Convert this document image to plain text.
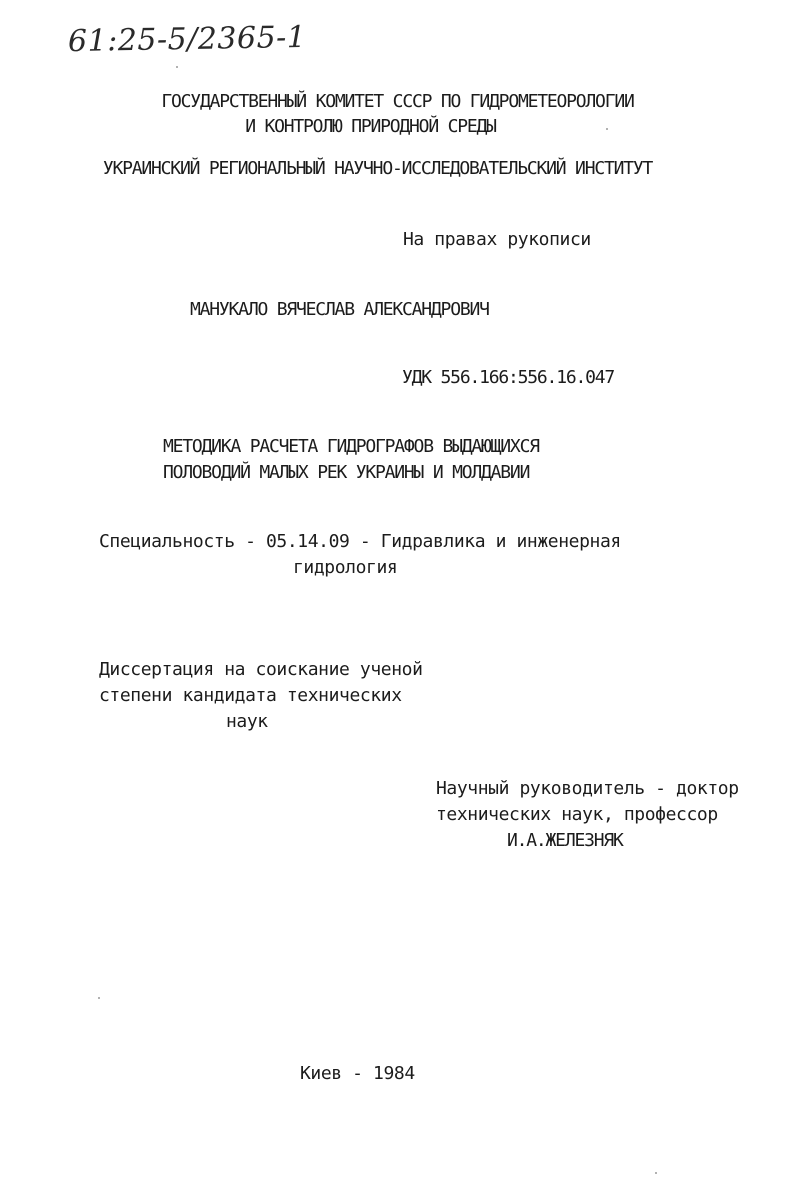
61:25-5/2365-1
ГОСУДАРСТВЕННЫЙ КОМИТЕТ СССР ПО ГИДРОМЕТЕОРОЛОГИИ
И КОНТРОЛЮ ПРИРОДНОЙ СРЕДЫ
УКРАИНСКИЙ РЕГИОНАЛЬНЫЙ НАУЧНО-ИССЛЕДОВАТЕЛЬСКИЙ ИНСТИТУТ
На правах рукописи
МАНУКАЛО ВЯЧЕСЛАВ АЛЕКСАНДРОВИЧ
УДК 556.166:556.16.047
МЕТОДИКА РАСЧЕТА ГИДРОГРАФОВ ВЫДАЮЩИХСЯ
ПОЛОВОДИЙ МАЛЫХ РЕК УКРАИНЫ И МОЛДАВИИ
Специальность - 05.14.09 - Гидравлика и инженерная
гидрология
Диссертация на соискание ученой
степени кандидата технических
наук
Научный руководитель - доктор
технических наук, профессор
И.А.ЖЕЛЕЗНЯК
Киев - 1984
